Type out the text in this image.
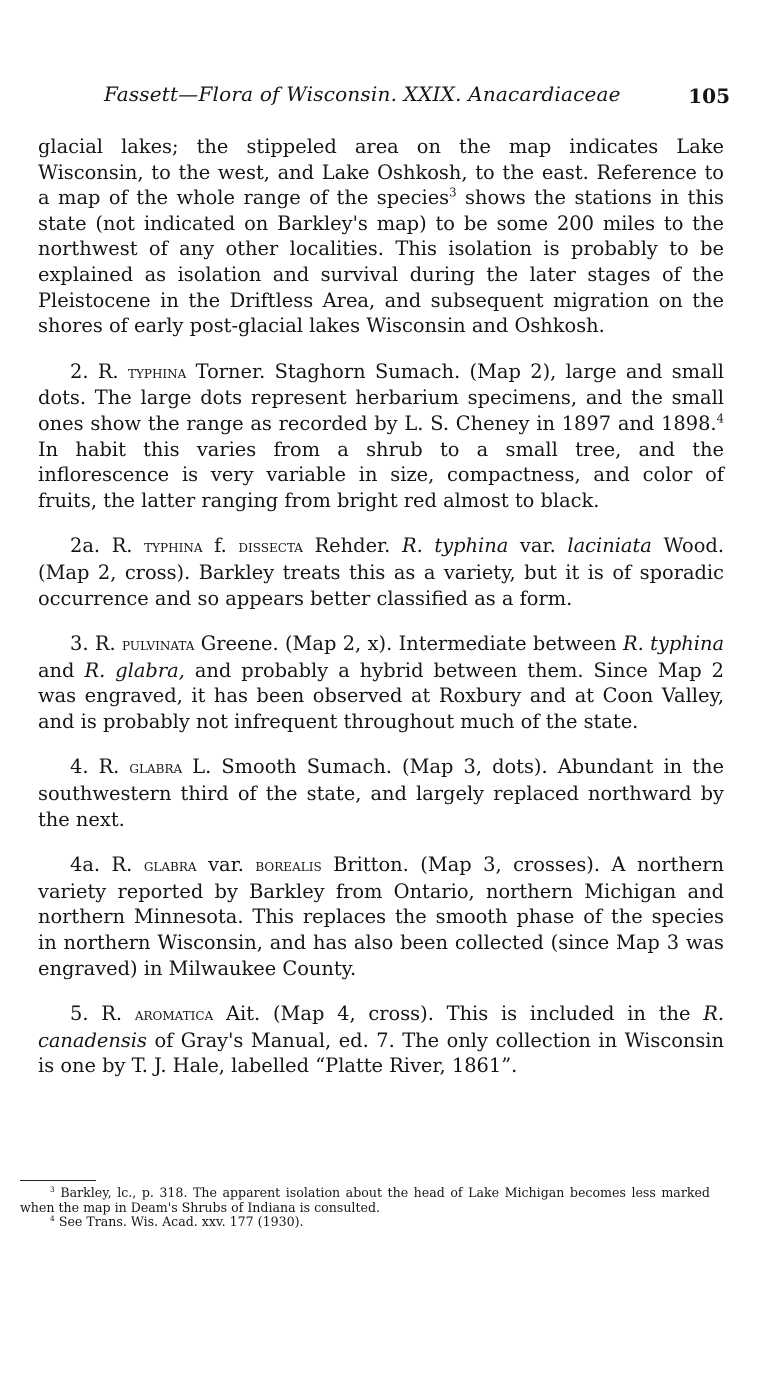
Fassett—Flora of Wisconsin. XXIX. Anacardiaceae	105

glacial lakes; the stippeled area on the map indicates Lake Wisconsin, to the west, and Lake Oshkosh, to the east. Reference to a map of the whole range of the species$^3$ shows the stations in this state (not indicated on Barkley's map) to be some 200 miles to the northwest of any other localities. This isolation is probably to be explained as isolation and survival during the later stages of the Pleistocene in the Driftless Area, and subsequent migration on the shores of early post-glacial lakes Wisconsin and Oshkosh.

2. R. typhina Torner. Staghorn Sumach. (Map 2), large and small dots. The large dots represent herbarium specimens, and the small ones show the range as recorded by L. S. Cheney in 1897 and 1898.$^4$ In habit this varies from a shrub to a small tree, and the inflorescence is very variable in size, compactness, and color of fruits, the latter ranging from bright red almost to black.

2a. R. typhina f. dissecta Rehder. R. typhina var. laciniata Wood. (Map 2, cross). Barkley treats this as a variety, but it is of sporadic occurrence and so appears better classified as a form.

3. R. pulvinata Greene. (Map 2, x). Intermediate between R. typhina and R. glabra, and probably a hybrid between them. Since Map 2 was engraved, it has been observed at Roxbury and at Coon Valley, and is probably not infrequent throughout much of the state.

4. R. glabra L. Smooth Sumach. (Map 3, dots). Abundant in the southwestern third of the state, and largely replaced northward by the next.

4a. R. glabra var. borealis Britton. (Map 3, crosses). A northern variety reported by Barkley from Ontario, northern Michigan and northern Minnesota. This replaces the smooth phase of the species in northern Wisconsin, and has also been collected (since Map 3 was engraved) in Milwaukee County.

5. R. aromatica Ait. (Map 4, cross). This is included in the R. canadensis of Gray's Manual, ed. 7. The only collection in Wisconsin is one by T. J. Hale, labelled “Platte River, 1861”.

$^3$ Barkley, lc., p. 318. The apparent isolation about the head of Lake Michigan becomes less marked when the map in Deam's Shrubs of Indiana is consulted.

$^4$ See Trans. Wis. Acad. xxv. 177 (1930).
